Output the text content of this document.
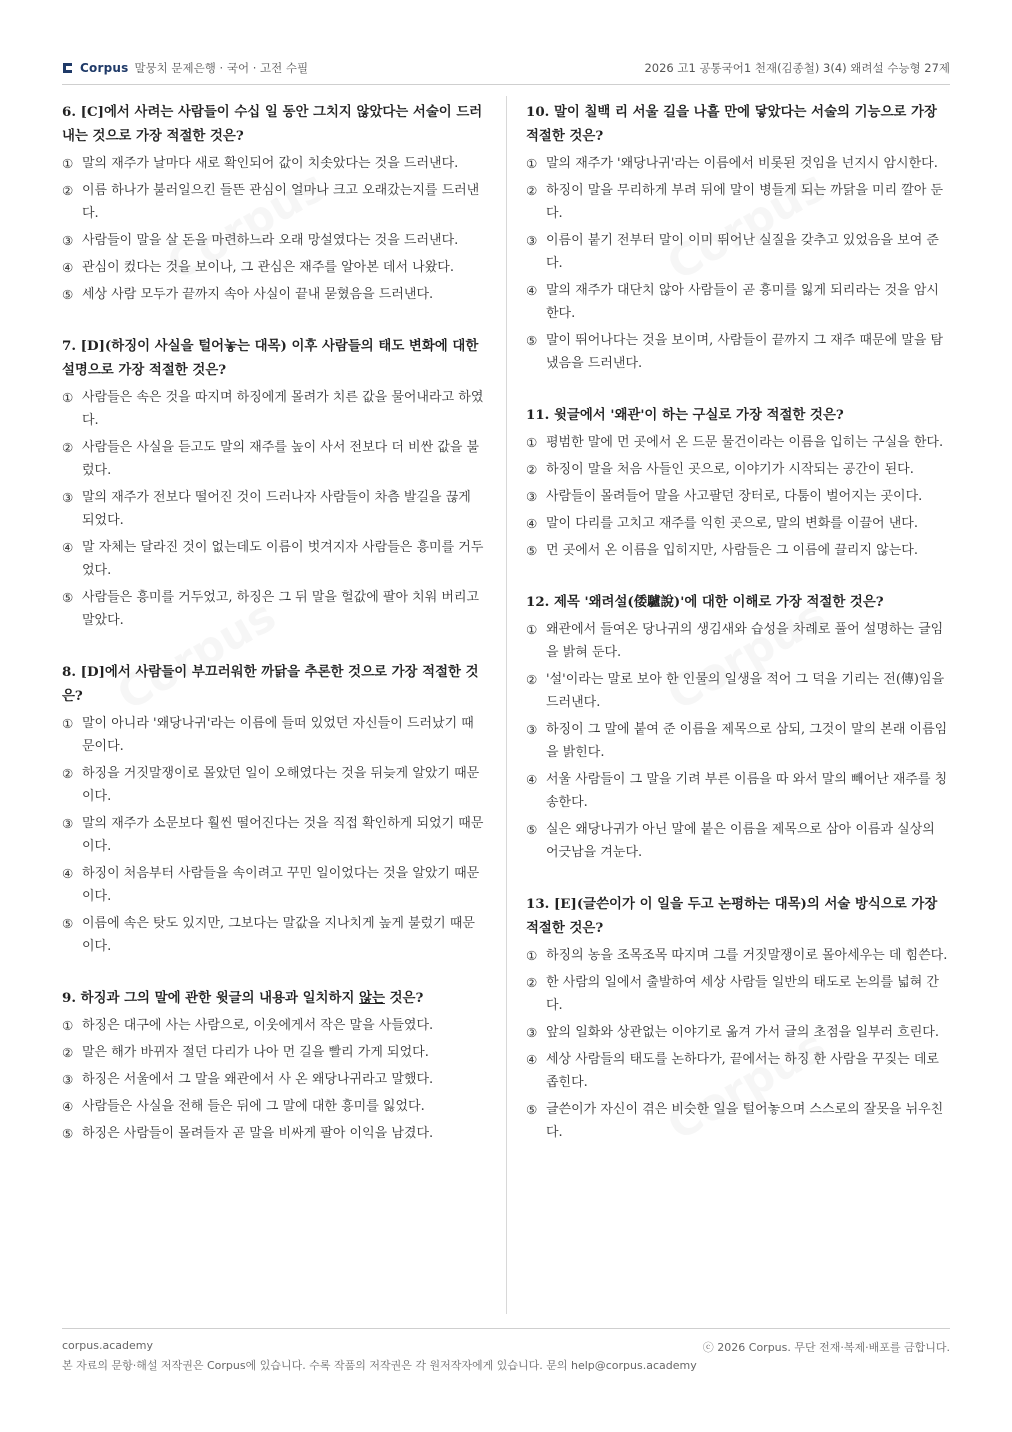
Corpus 말뭉치 문제은행 · 국어 · 고전 수필	2026 고1 공통국어1 천재(김종철) 3(4) 왜려설 수능형 27제

6. [C]에서 사려는 사람들이 수십 일 동안 그치지 않았다는 서술이 드러내는 것으로 가장 적절한 것은?

① 말의 재주가 날마다 새로 확인되어 값이 치솟았다는 것을 드러낸다.
② 이름 하나가 불러일으킨 들뜬 관심이 얼마나 크고 오래갔는지를 드러낸다.
③ 사람들이 말을 살 돈을 마련하느라 오래 망설였다는 것을 드러낸다.
④ 관심이 컸다는 것을 보이나, 그 관심은 재주를 알아본 데서 나왔다.
⑤ 세상 사람 모두가 끝까지 속아 사실이 끝내 묻혔음을 드러낸다.

7. [D](하징이 사실을 털어놓는 대목) 이후 사람들의 태도 변화에 대한 설명으로 가장 적절한 것은?

① 사람들은 속은 것을 따지며 하징에게 몰려가 치른 값을 물어내라고 하였다.
② 사람들은 사실을 듣고도 말의 재주를 높이 사서 전보다 더 비싼 값을 불렀다.
③ 말의 재주가 전보다 떨어진 것이 드러나자 사람들이 차츰 발길을 끊게 되었다.
④ 말 자체는 달라진 것이 없는데도 이름이 벗겨지자 사람들은 흥미를 거두었다.
⑤ 사람들은 흥미를 거두었고, 하징은 그 뒤 말을 헐값에 팔아 치워 버리고 말았다.

8. [D]에서 사람들이 부끄러워한 까닭을 추론한 것으로 가장 적절한 것은?

① 말이 아니라 '왜당나귀'라는 이름에 들떠 있었던 자신들이 드러났기 때문이다.
② 하징을 거짓말쟁이로 몰았던 일이 오해였다는 것을 뒤늦게 알았기 때문이다.
③ 말의 재주가 소문보다 훨씬 떨어진다는 것을 직접 확인하게 되었기 때문이다.
④ 하징이 처음부터 사람들을 속이려고 꾸민 일이었다는 것을 알았기 때문이다.
⑤ 이름에 속은 탓도 있지만, 그보다는 말값을 지나치게 높게 불렀기 때문이다.

9. 하징과 그의 말에 관한 윗글의 내용과 일치하지 않는 것은?

① 하징은 대구에 사는 사람으로, 이웃에게서 작은 말을 사들였다.
② 말은 해가 바뀌자 절던 다리가 나아 먼 길을 빨리 가게 되었다.
③ 하징은 서울에서 그 말을 왜관에서 사 온 왜당나귀라고 말했다.
④ 사람들은 사실을 전해 들은 뒤에 그 말에 대한 흥미를 잃었다.
⑤ 하징은 사람들이 몰려들자 곧 말을 비싸게 팔아 이익을 남겼다.

10. 말이 칠백 리 서울 길을 나흘 만에 닿았다는 서술의 기능으로 가장 적절한 것은?

① 말의 재주가 '왜당나귀'라는 이름에서 비롯된 것임을 넌지시 암시한다.
② 하징이 말을 무리하게 부려 뒤에 말이 병들게 되는 까닭을 미리 깔아 둔다.
③ 이름이 붙기 전부터 말이 이미 뛰어난 실질을 갖추고 있었음을 보여 준다.
④ 말의 재주가 대단치 않아 사람들이 곧 흥미를 잃게 되리라는 것을 암시한다.
⑤ 말이 뛰어나다는 것을 보이며, 사람들이 끝까지 그 재주 때문에 말을 탐냈음을 드러낸다.

11. 윗글에서 '왜관'이 하는 구실로 가장 적절한 것은?

① 평범한 말에 먼 곳에서 온 드문 물건이라는 이름을 입히는 구실을 한다.
② 하징이 말을 처음 사들인 곳으로, 이야기가 시작되는 공간이 된다.
③ 사람들이 몰려들어 말을 사고팔던 장터로, 다툼이 벌어지는 곳이다.
④ 말이 다리를 고치고 재주를 익힌 곳으로, 말의 변화를 이끌어 낸다.
⑤ 먼 곳에서 온 이름을 입히지만, 사람들은 그 이름에 끌리지 않는다.

12. 제목 '왜려설(倭驢說)'에 대한 이해로 가장 적절한 것은?

① 왜관에서 들여온 당나귀의 생김새와 습성을 차례로 풀어 설명하는 글임을 밝혀 둔다.
② '설'이라는 말로 보아 한 인물의 일생을 적어 그 덕을 기리는 전(傳)임을 드러낸다.
③ 하징이 그 말에 붙여 준 이름을 제목으로 삼되, 그것이 말의 본래 이름임을 밝힌다.
④ 서울 사람들이 그 말을 기려 부른 이름을 따 와서 말의 빼어난 재주를 칭송한다.
⑤ 실은 왜당나귀가 아닌 말에 붙은 이름을 제목으로 삼아 이름과 실상의 어긋남을 겨눈다.

13. [E](글쓴이가 이 일을 두고 논평하는 대목)의 서술 방식으로 가장 적절한 것은?

① 하징의 농을 조목조목 따지며 그를 거짓말쟁이로 몰아세우는 데 힘쓴다.
② 한 사람의 일에서 출발하여 세상 사람들 일반의 태도로 논의를 넓혀 간다.
③ 앞의 일화와 상관없는 이야기로 옮겨 가서 글의 초점을 일부러 흐린다.
④ 세상 사람들의 태도를 논하다가, 끝에서는 하징 한 사람을 꾸짖는 데로 좁힌다.
⑤ 글쓴이가 자신이 겪은 비슷한 일을 털어놓으며 스스로의 잘못을 뉘우친다.
corpus.academy	ⓒ 2026 Corpus. 무단 전재·복제·배포를 금합니다.
본 자료의 문항·해설 저작권은 Corpus에 있습니다. 수록 작품의 저작권은 각 원저작자에게 있습니다. 문의 help@corpus.academy
